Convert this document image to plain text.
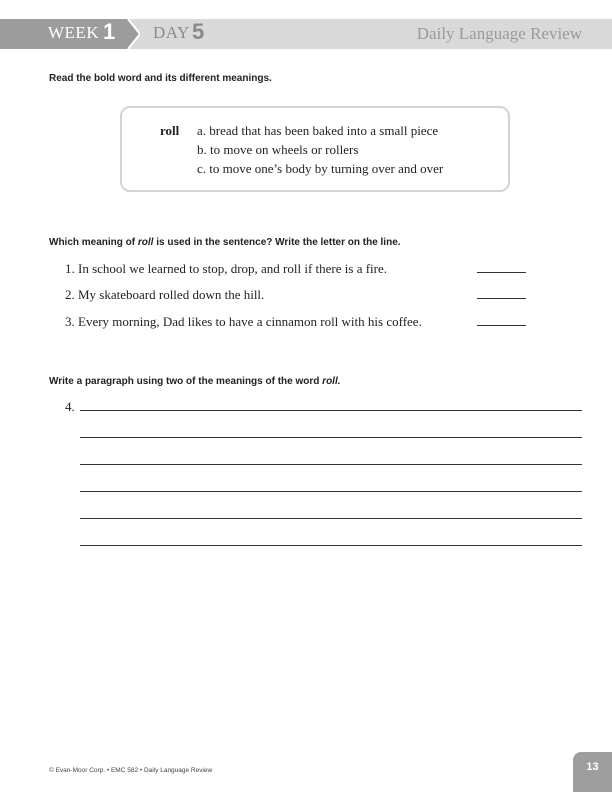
WEEK 1 DAY 5	Daily Language Review
Read the bold word and its different meanings.
roll a. bread that has been baked into a small piece
b. to move on wheels or rollers
c. to move one’s body by turning over and over
Which meaning of roll is used in the sentence? Write the letter on the line.
1. In school we learned to stop, drop, and roll if there is a fire.
2. My skateboard rolled down the hill.
3. Every morning, Dad likes to have a cinnamon roll with his coffee.
Write a paragraph using two of the meanings of the word roll.
4.
© Evan-Moor Corp. • EMC 582 • Daily Language Review	13
